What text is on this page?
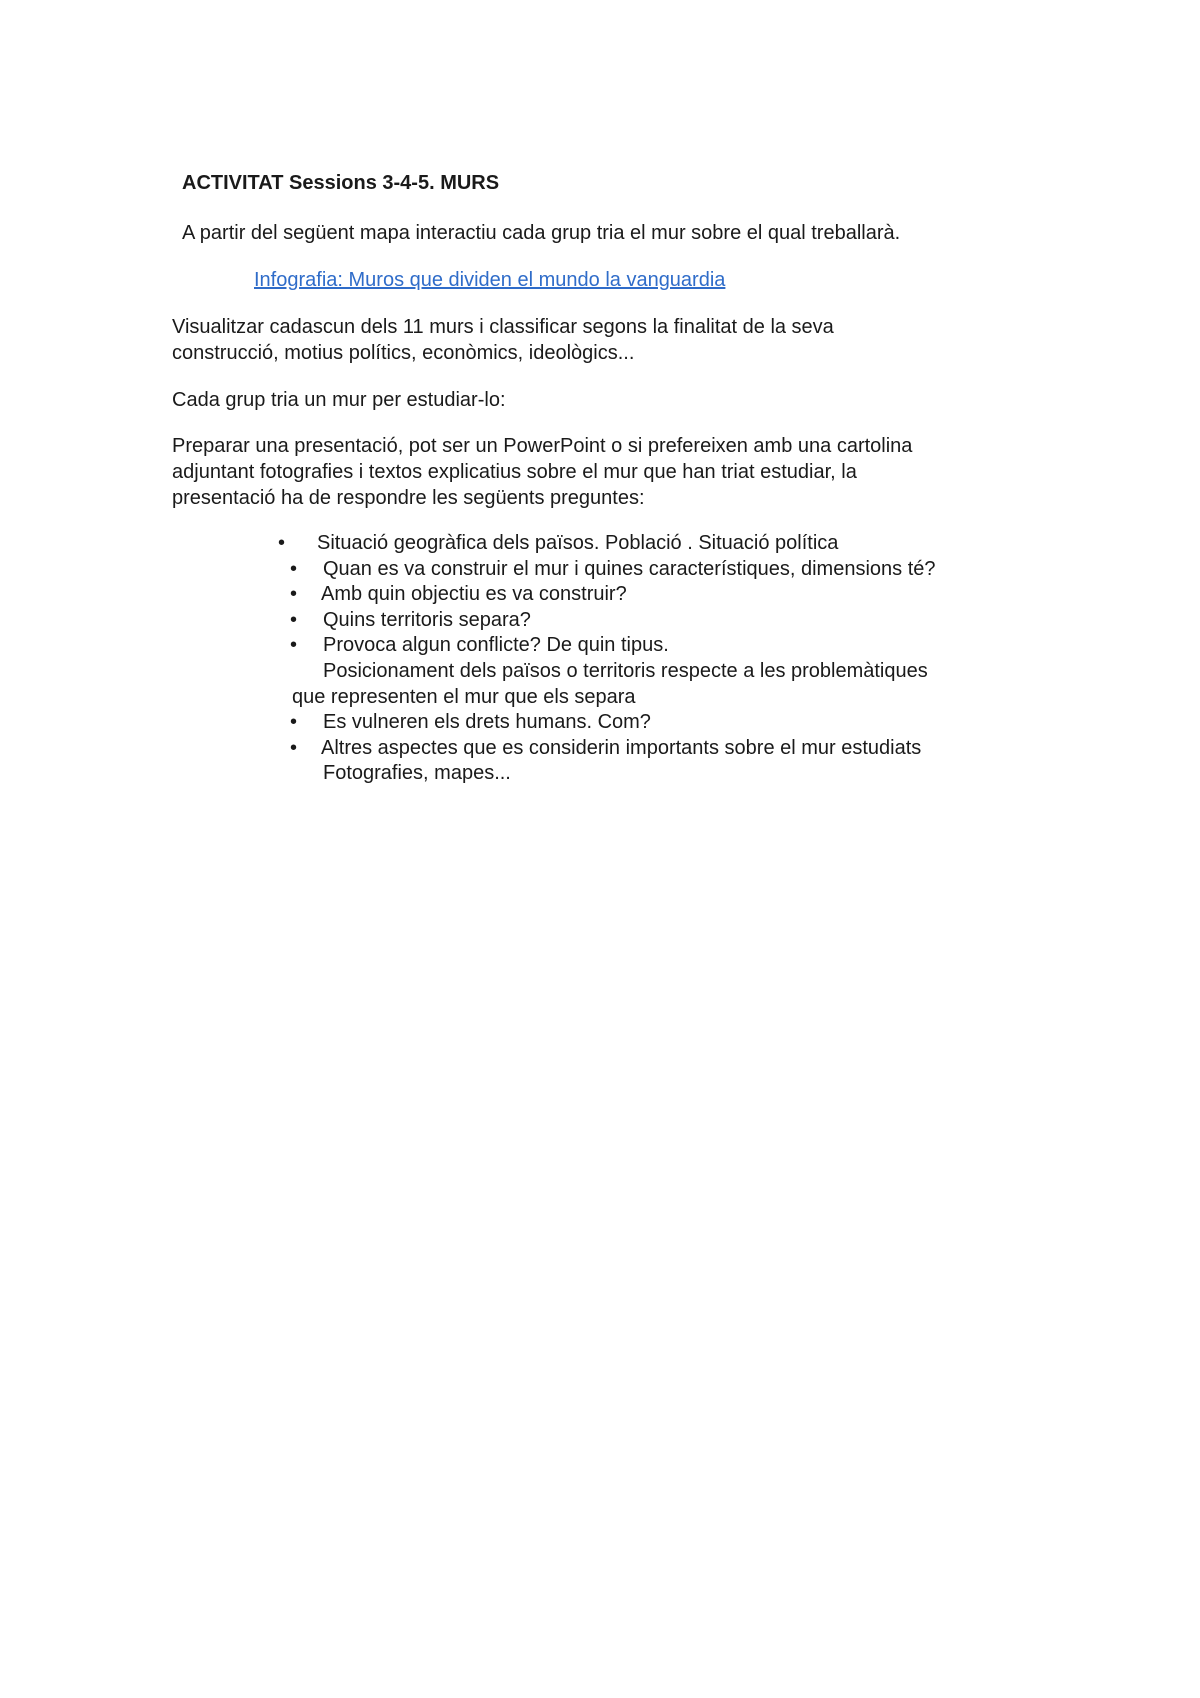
ACTIVITAT Sessions 3-4-5. MURS

A partir del següent mapa interactiu cada grup tria el mur sobre el qual treballarà.

Infografia: Muros que dividen el mundo la vanguardia
Visualitzar cadascun dels 11 murs i classificar segons la finalitat de la seva
construcció, motius polítics, econòmics, ideològics...
Cada grup tria un mur per estudiar-lo:
Preparar una presentació, pot ser un PowerPoint o si prefereixen amb una cartolina
adjuntant fotografies i textos explicatius sobre el mur que han triat estudiar, la
presentació ha de respondre les següents preguntes:
• Situació geogràfica dels països. Població . Situació política
• Quan es va construir el mur i quines característiques, dimensions té?
• Amb quin objectiu es va construir?
• Quins territoris separa?
• Provoca algun conflicte? De quin tipus.
Posicionament dels països o territoris respecte a les problemàtiques
que representen el mur que els separa
• Es vulneren els drets humans. Com?
• Altres aspectes que es considerin importants sobre el mur estudiats
Fotografies, mapes...
